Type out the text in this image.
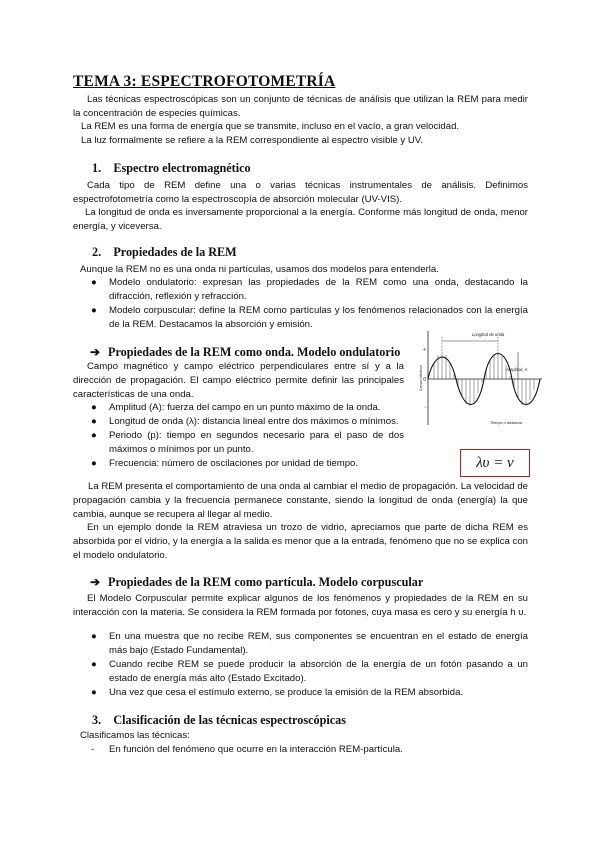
TEMA 3: ESPECTROFOTOMETRÍA
Las técnicas espectroscópicas son un conjunto de técnicas de análisis que utilizan la REM para medir la concentración de especies químicas.
La REM es una forma de energía que se transmite, incluso en el vacío, a gran velocidad.
La luz formalmente se refiere a la REM correspondiente al espectro visible y UV.
1. Espectro electromagnético
Cada tipo de REM define una o varias técnicas instrumentales de análisis. Definimos espectrofotometría como la espectroscopía de absorción molecular (UV-VIS).
La longitud de onda es inversamente proporcional a la energía. Conforme más longitud de onda, menor energía, y viceversa.
2. Propiedades de la REM
Aunque la REM no es una onda ni partículas, usamos dos modelos para entenderla.
● Modelo ondulatorio: expresan las propiedades de la REM como una onda, destacando la difracción, reflexión y refracción.
● Modelo corpuscular: define la REM como partículas y los fenómenos relacionados con la energía de la REM. Destacamos la absorción y emisión.
➔ Propiedades de la REM como onda. Modelo ondulatorio
Campo magnético y campo eléctrico perpendiculares entre sí y a la dirección de propagación. El campo eléctrico permite definir las principales características de una onda.
● Amplitud (A): fuerza del campo en un punto máximo de la onda.
● Longitud de onda (λ): distancia lineal entre dos máximos o mínimos.
● Periodo (p): tiempo en segundos necesario para el paso de dos máximos o mínimos por un punto.
● Frecuencia: número de oscilaciones por unidad de tiempo.
La REM presenta el comportamiento de una onda al cambiar el medio de propagación. La velocidad de propagación cambia y la frecuencia permanece constante, siendo la longitud de onda (energía) la que cambia, aunque se recupera al llegar al medio.
En un ejemplo donde la REM atraviesa un trozo de vidrio, apreciamos que parte de dicha REM es absorbida por el vidrio, y la energía a la salida es menor que a la entrada, fenómeno que no se explica con el modelo ondulatorio.
Longitud de onda
Amplitud, A
+
0
-
Campo eléctrico
Tiempo o distancia
λυ = v
➔ Propiedades de la REM como partícula. Modelo corpuscular
El Modelo Corpuscular permite explicar algunos de los fenómenos y propiedades de la REM en su interacción con la materia. Se considera la REM formada por fotones, cuya masa es cero y su energía h υ.
● En una muestra que no recibe REM, sus componentes se encuentran en el estado de energía más bajo (Estado Fundamental).
● Cuando recibe REM se puede producir la absorción de la energía de un fotón pasando a un estado de energía más alto (Estado Excitado).
● Una vez que cesa el estímulo externo, se produce la emisión de la REM absorbida.
3. Clasificación de las técnicas espectroscópicas
Clasificamos las técnicas:
- En función del fenómeno que ocurre en la interacción REM-partícula.
